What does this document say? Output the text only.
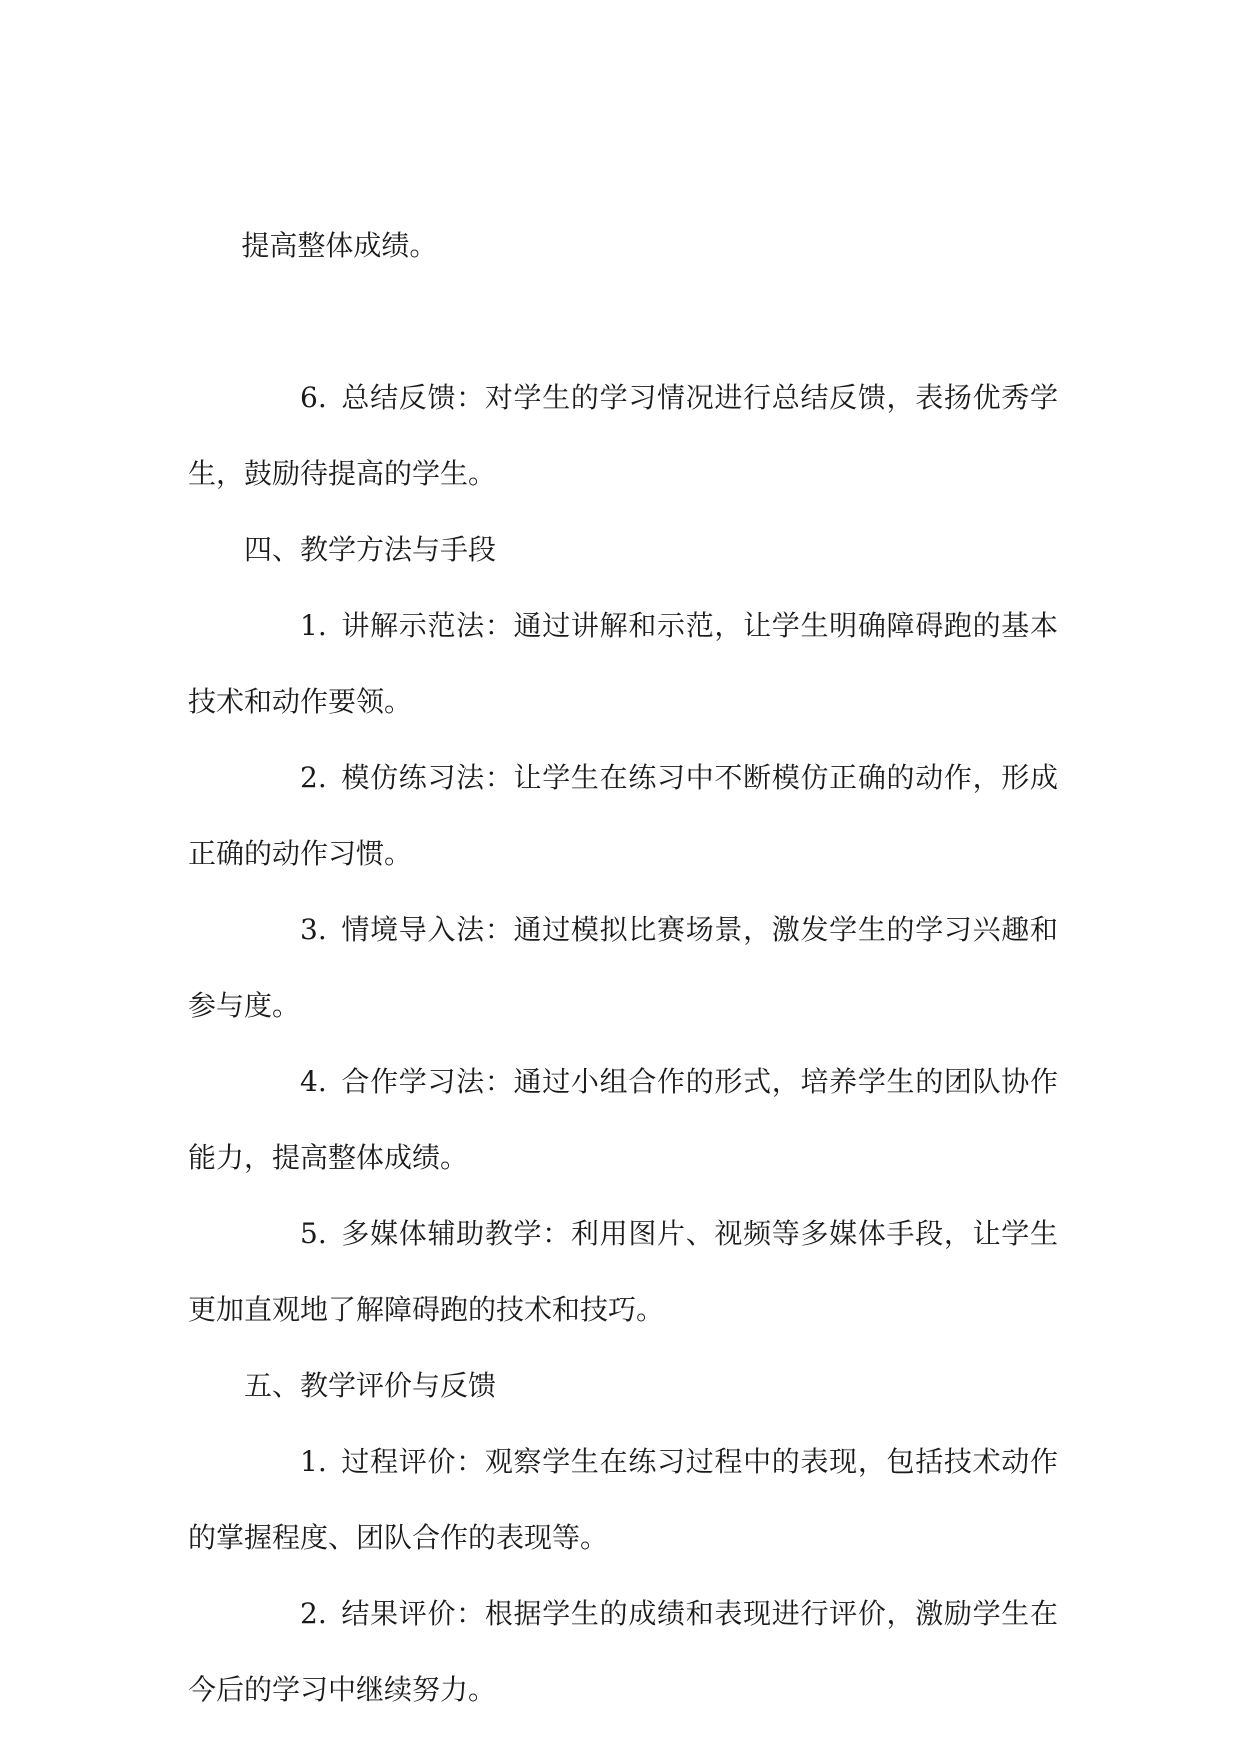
提高整体成绩。

6. 总结反馈：对学生的学习情况进行总结反馈，表扬优秀学生，鼓励待提高的学生。

四、教学方法与手段

1. 讲解示范法：通过讲解和示范，让学生明确障碍跑的基本技术和动作要领。

2. 模仿练习法：让学生在练习中不断模仿正确的动作，形成正确的动作习惯。

3. 情境导入法：通过模拟比赛场景，激发学生的学习兴趣和参与度。

4. 合作学习法：通过小组合作的形式，培养学生的团队协作能力，提高整体成绩。

5. 多媒体辅助教学：利用图片、视频等多媒体手段，让学生更加直观地了解障碍跑的技术和技巧。

五、教学评价与反馈

1. 过程评价：观察学生在练习过程中的表现，包括技术动作的掌握程度、团队合作的表现等。

2. 结果评价：根据学生的成绩和表现进行评价，激励学生在今后的学习中继续努力。
